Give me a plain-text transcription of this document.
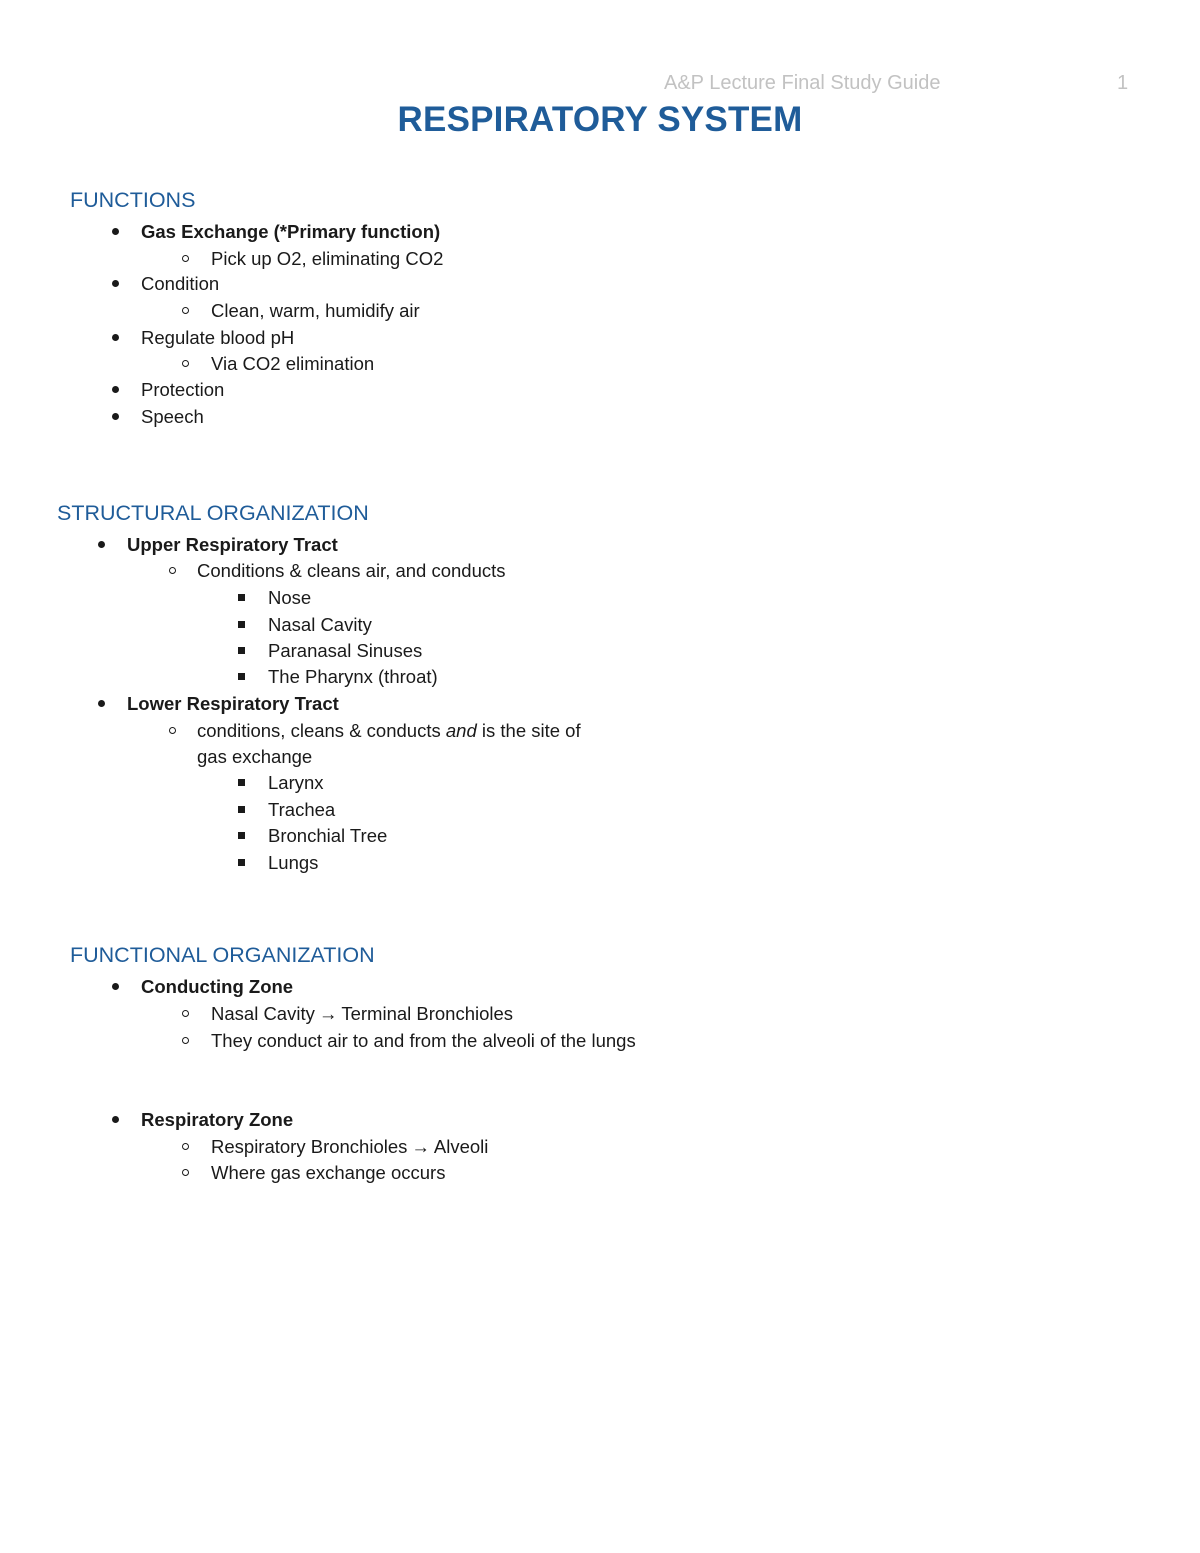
A&P Lecture Final Study Guide	1
RESPIRATORY SYSTEM
FUNCTIONS
Gas Exchange (*Primary function)
Pick up O2, eliminating CO2
Condition
Clean, warm, humidify air
Regulate blood pH
Via CO2 elimination
Protection
Speech
STRUCTURAL ORGANIZATION
Upper Respiratory Tract
Conditions & cleans air, and conducts
Nose
Nasal Cavity
Paranasal Sinuses
The Pharynx (throat)
Lower Respiratory Tract
conditions, cleans & conducts and is the site of
gas exchange
Larynx
Trachea
Bronchial Tree
Lungs
FUNCTIONAL ORGANIZATION
Conducting Zone
Nasal Cavity → Terminal Bronchioles
They conduct air to and from the alveoli of the lungs
Respiratory Zone
Respiratory Bronchioles → Alveoli
Where gas exchange occurs
